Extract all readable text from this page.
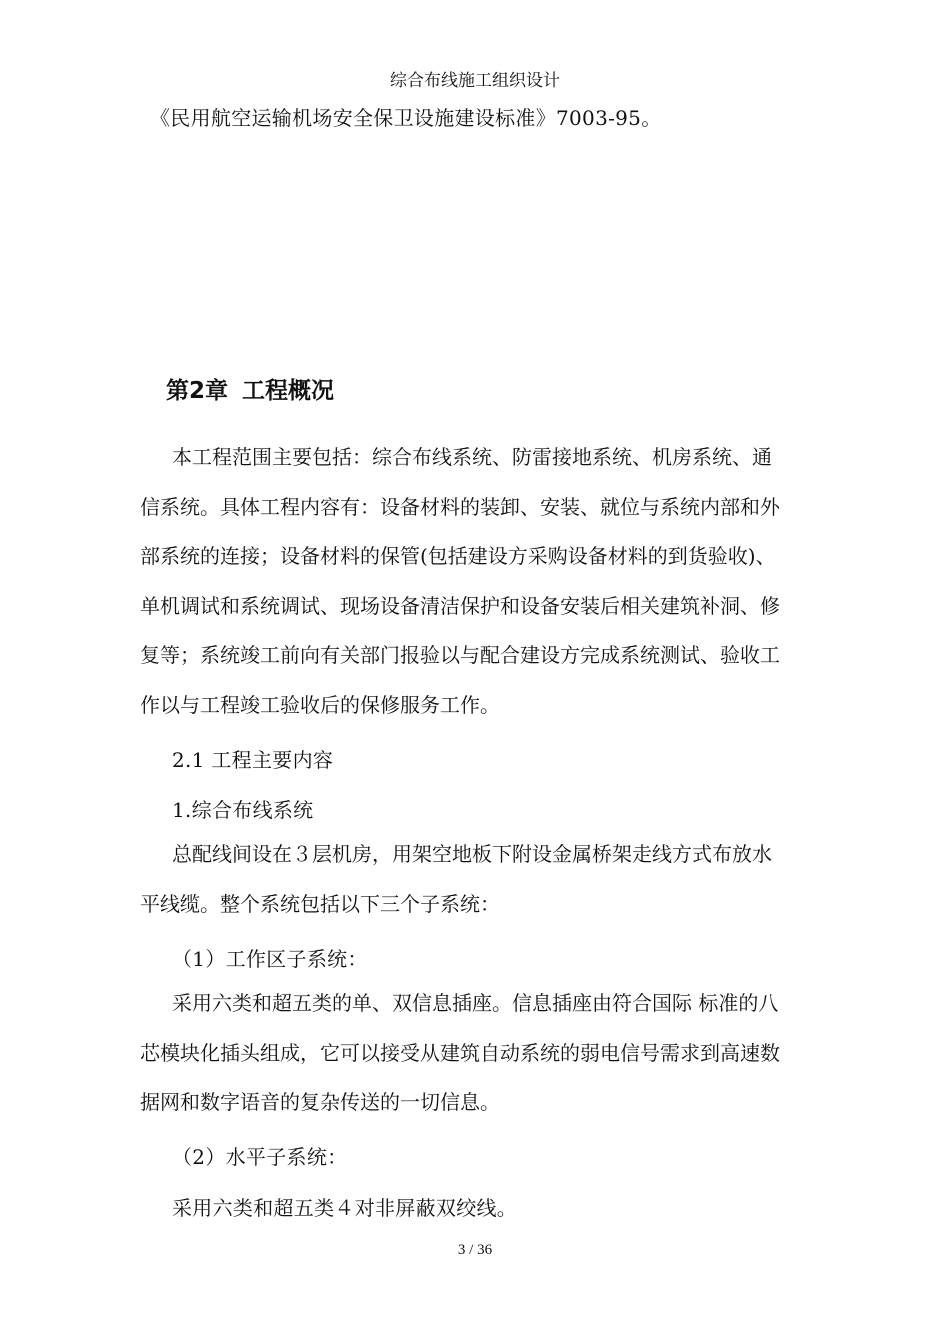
综合布线施工组织设计
《民用航空运输机场安全保卫设施建设标准》7003-95。
第2章 工程概况

本工程范围主要包括：综合布线系统、防雷接地系统、机房系统、通

信系统。具体工程内容有：设备材料的装卸、安装、就位与系统内部和外

部系统的连接；设备材料的保管(包括建设方采购设备材料的到货验收)、

单机调试和系统调试、现场设备清洁保护和设备安装后相关建筑补洞、修

复等；系统竣工前向有关部门报验以与配合建设方完成系统测试、验收工

作以与工程竣工验收后的保修服务工作。

2.1 工程主要内容
1.综合布线系统

总配线间设在３层机房，用架空地板下附设金属桥架走线方式布放水

平线缆。整个系统包括以下三个子系统：

（1）工作区子系统：

采用六类和超五类的单、双信息插座。信息插座由符合国际 标准的八

芯模块化插头组成，它可以接受从建筑自动系统的弱电信号需求到高速数

据网和数字语音的复杂传送的一切信息。

（2）水平子系统：
采用六类和超五类４对非屏蔽双绞线。
3 / 36
